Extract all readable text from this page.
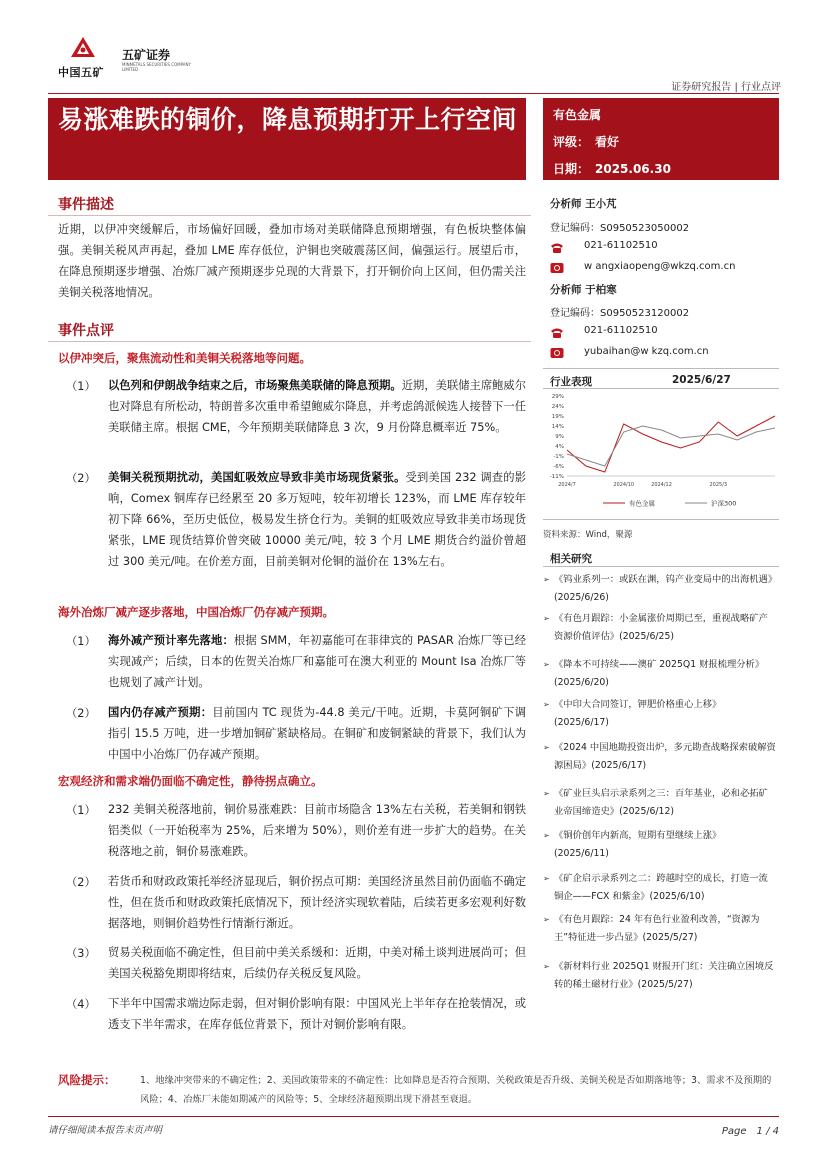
中国五矿
五矿证券
MINMETALS SECURITIES COMPANY LIMITED
证券研究报告 | 行业点评
易涨难跌的铜价，降息预期打开上行空间	有色金属
评级：　看好
日期：　2025.06.30
事件描述
近期，以伊冲突缓解后，市场偏好回暖，叠加市场对美联储降息预期增强，有色板块整体偏强。美铜关税风声再起，叠加 LME 库存低位，沪铜也突破震荡区间，偏强运行。展望后市，在降息预期逐步增强、冶炼厂减产预期逐步兑现的大背景下，打开铜价向上区间，但仍需关注美铜关税落地情况。
事件点评
以伊冲突后，聚焦流动性和美铜关税落地等问题。
（1） 以色列和伊朗战争结束之后，市场聚焦美联储的降息预期。近期，美联储主席鲍威尔也对降息有所松动，特朗普多次重申希望鲍威尔降息，并考虑鸽派候选人接替下一任美联储主席。根据 CME，今年预期美联储降息 3 次，9 月份降息概率近 75%。
（2） 美铜关税预期扰动，美国虹吸效应导致非美市场现货紧张。受到美国 232 调查的影响，Comex 铜库存已经累至 20 多万短吨，较年初增长 123%，而 LME 库存较年初下降 66%，至历史低位，极易发生挤仓行为。美铜的虹吸效应导致非美市场现货紧张，LME 现货结算价曾突破 10000 美元/吨，较 3 个月 LME 期货合约溢价曾超过 300 美元/吨。在价差方面，目前美铜对伦铜的溢价在 13%左右。
海外冶炼厂减产逐步落地，中国冶炼厂仍存减产预期。
（1） 海外减产预计率先落地：根据 SMM，年初嘉能可在菲律宾的 PASAR 冶炼厂等已经实现减产；后续，日本的佐贺关冶炼厂和嘉能可在澳大利亚的 Mount Isa 冶炼厂等也规划了减产计划。
（2） 国内仍存减产预期：目前国内 TC 现货为-44.8 美元/干吨。近期，卡莫阿铜矿下调指引 15.5 万吨，进一步增加铜矿紧缺格局。在铜矿和废铜紧缺的背景下，我们认为中国中小冶炼厂仍存减产预期。
宏观经济和需求端仍面临不确定性，静待拐点确立。
（1） 232 美铜关税落地前，铜价易涨难跌：目前市场隐含 13%左右关税，若美铜和钢铁铝类似（一开始税率为 25%，后来增为 50%），则价差有进一步扩大的趋势。在关税落地之前，铜价易涨难跌。
（2） 若货币和财政政策托举经济显现后，铜价拐点可期：美国经济虽然目前仍面临不确定性，但在货币和财政政策托底情况下，预计经济实现软着陆，后续若更多宏观利好数据落地，则铜价趋势性行情渐行渐近。
（3） 贸易关税面临不确定性，但目前中美关系缓和：近期，中美对稀土谈判进展尚可；但美国关税豁免期即将结束，后续仍存关税反复风险。
（4） 下半年中国需求端边际走弱，但对铜价影响有限：中国风光上半年存在抢装情况，或透支下半年需求，在库存低位背景下，预计对铜价影响有限。
分析师 王小芃
登记编码：S0950523050002
021-61102510
w angxiaopeng@wkzq.com.cn
分析师 于柏寒
登记编码：S0950523120002
021-61102510
yubaihan@w kzq.com.cn
行业表现	2025/6/27
29%
24%
19%
14%
9%
4%
-1%
-6%
-11%
2024/7	2024/10	2024/12	2025/3
有色金属	沪深300
资料来源：Wind，聚源
相关研究
➢ 《钨业系列一：或跃在渊，钨产业变局中的出海机遇》(2025/6/26)
➢ 《有色月跟踪：小金属涨价周期已至，重视战略矿产资源价值评估》(2025/6/25)
➢ 《降本不可持续——澳矿 2025Q1 财报梳理分析》(2025/6/20)
➢ 《中印大合同签订，钾肥价格重心上移》(2025/6/17)
➢ 《2024 中国地勘投资出炉，多元勘查战略探索破解资源困局》(2025/6/17)
➢ 《矿业巨头启示录系列之三：百年基业，必和必拓矿业帝国缔造史》(2025/6/12)
➢ 《铜价创年内新高，短期有望继续上涨》(2025/6/11)
➢ 《矿企启示录系列之二：跨越时空的成长，打造一流铜企——FCX 和紫金》(2025/6/10)
➢ 《有色月跟踪：24 年有色行业盈利改善，“资源为王”特征进一步凸显》(2025/5/27)
➢ 《新材料行业 2025Q1 财报开门红：关注确立困境反转的稀土磁材行业》(2025/5/27)
风险提示：	1、地缘冲突带来的不确定性；2、美国政策带来的不确定性：比如降息是否符合预期、关税政策是否升级、美铜关税是否如期落地等；3、需求不及预期的风险；4、冶炼厂未能如期减产的风险等；5、全球经济超预期出现下滑甚至衰退。
请仔细阅读本报告末页声明	Page　1 / 4
